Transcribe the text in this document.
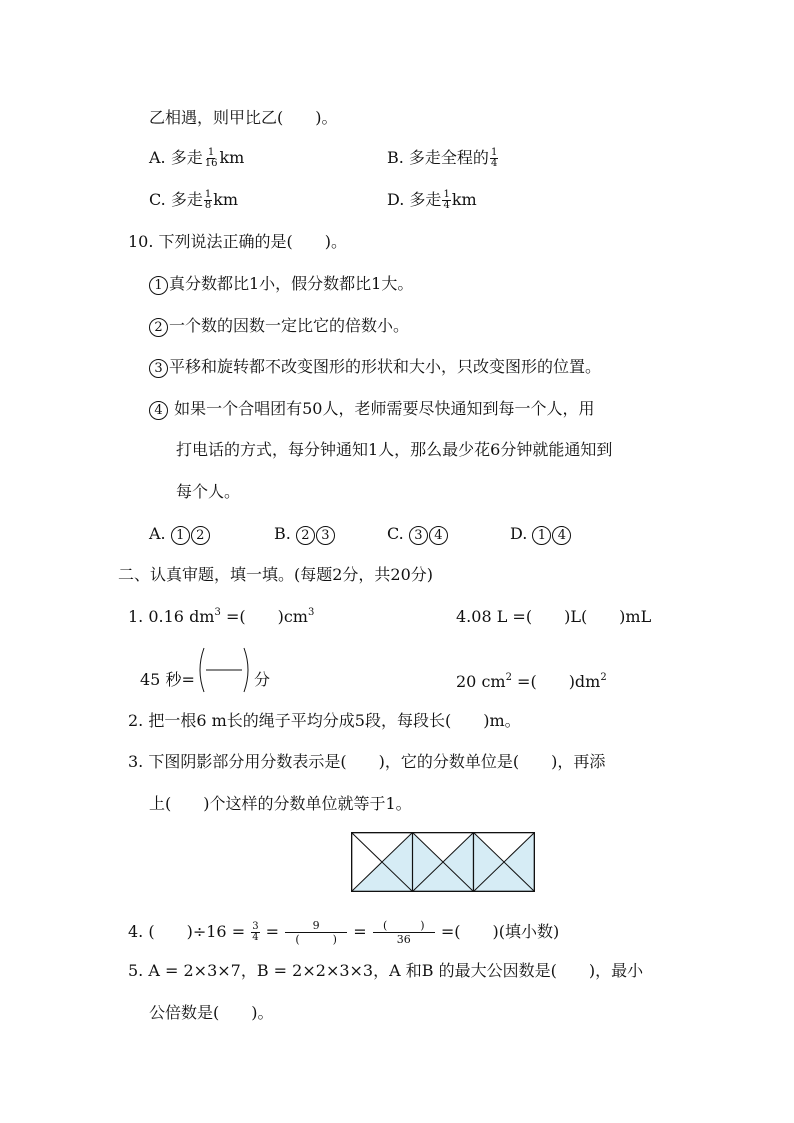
乙相遇，则甲比乙(　　)。
A. 多走 $\frac{1}{16}$ km	B. 多走全程的 $\frac{1}{4}$
C. 多走 $\frac{1}{8}$ km	D. 多走 $\frac{1}{4}$ km
10. 下列说法正确的是(　　)。
1 真分数都比1小，假分数都比1大。
2 一个数的因数一定比它的倍数小。
3 平移和旋转都不改变图形的形状和大小，只改变图形的位置。
4 如果一个合唱团有50人，老师需要尽快通知到每一个人，用
打电话的方式，每分钟通知1人，那么最少花6分钟就能通知到
每个人。
A. 1 2	B. 2 3	C. 3 4	D. 1 4
二、认真审题，填一填。(每题2分，共20分)
1. 0.16 $dm^3$ =(　　)$cm^3$	4.08 L =(　　)L(　　)mL
45 秒=	分	20 $cm^2$ =(　　)$dm^2$
2. 把一根6 m长的绳子平均分成5段，每段长(　　)m。
3. 下图阴影部分用分数表示是(　　)，它的分数单位是(　　)，再添
上(　　)个这样的分数单位就等于1。
4. (　　)$\div 16 = \frac{3}{4} = \frac{9}{( )} = \frac{( )}{36}$ =(　　)(填小数)
5. A = 2×3×7，B = 2×2×3×3，A 和B 的最大公因数是(　　)，最小
公倍数是(　　)。
